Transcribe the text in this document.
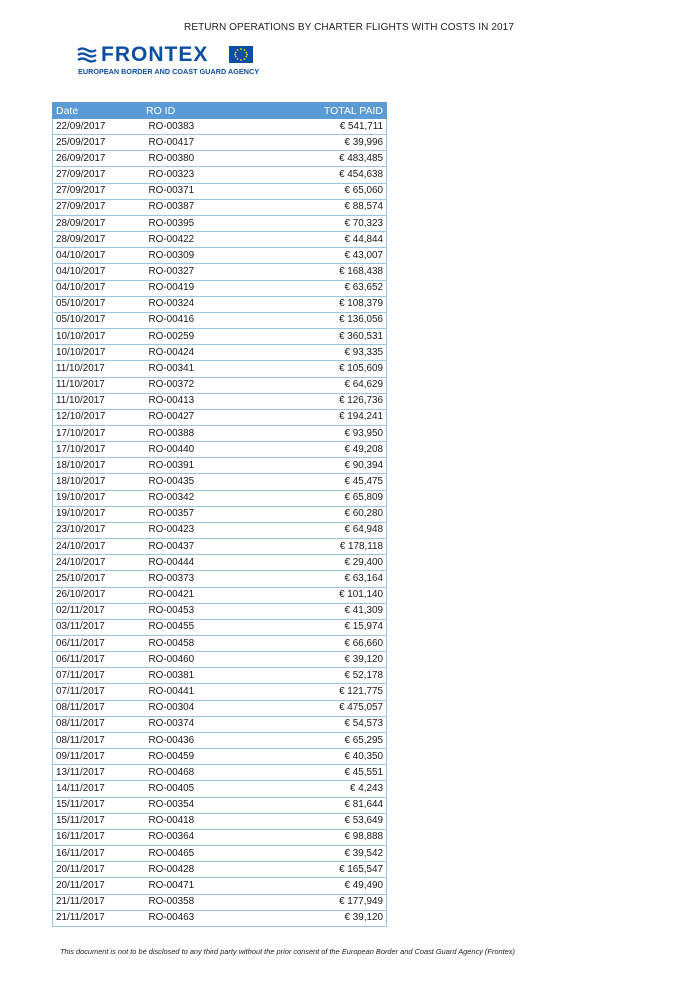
RETURN OPERATIONS BY CHARTER FLIGHTS WITH COSTS IN 2017
FRONTEX
EUROPEAN BORDER AND COAST GUARD AGENCY
Date	RO ID	TOTAL PAID
22/09/2017	RO-00383	€ 541,711
25/09/2017	RO-00417	€ 39,996
26/09/2017	RO-00380	€ 483,485
27/09/2017	RO-00323	€ 454,638
27/09/2017	RO-00371	€ 65,060
27/09/2017	RO-00387	€ 88,574
28/09/2017	RO-00395	€ 70,323
28/09/2017	RO-00422	€ 44,844
04/10/2017	RO-00309	€ 43,007
04/10/2017	RO-00327	€ 168,438
04/10/2017	RO-00419	€ 63,652
05/10/2017	RO-00324	€ 108,379
05/10/2017	RO-00416	€ 136,056
10/10/2017	RO-00259	€ 360,531
10/10/2017	RO-00424	€ 93,335
11/10/2017	RO-00341	€ 105,609
11/10/2017	RO-00372	€ 64,629
11/10/2017	RO-00413	€ 126,736
12/10/2017	RO-00427	€ 194,241
17/10/2017	RO-00388	€ 93,950
17/10/2017	RO-00440	€ 49,208
18/10/2017	RO-00391	€ 90,394
18/10/2017	RO-00435	€ 45,475
19/10/2017	RO-00342	€ 65,809
19/10/2017	RO-00357	€ 60,280
23/10/2017	RO-00423	€ 64,948
24/10/2017	RO-00437	€ 178,118
24/10/2017	RO-00444	€ 29,400
25/10/2017	RO-00373	€ 63,164
26/10/2017	RO-00421	€ 101,140
02/11/2017	RO-00453	€ 41,309
03/11/2017	RO-00455	€ 15,974
06/11/2017	RO-00458	€ 66,660
06/11/2017	RO-00460	€ 39,120
07/11/2017	RO-00381	€ 52,178
07/11/2017	RO-00441	€ 121,775
08/11/2017	RO-00304	€ 475,057
08/11/2017	RO-00374	€ 54,573
08/11/2017	RO-00436	€ 65,295
09/11/2017	RO-00459	€ 40,350
13/11/2017	RO-00468	€ 45,551
14/11/2017	RO-00405	€ 4,243
15/11/2017	RO-00354	€ 81,644
15/11/2017	RO-00418	€ 53,649
16/11/2017	RO-00364	€ 98,888
16/11/2017	RO-00465	€ 39,542
20/11/2017	RO-00428	€ 165,547
20/11/2017	RO-00471	€ 49,490
21/11/2017	RO-00358	€ 177,949
21/11/2017	RO-00463	€ 39,120
This document is not to be disclosed to any third party without the prior consent of the European Border and Coast Guard Agency (Frontex)
